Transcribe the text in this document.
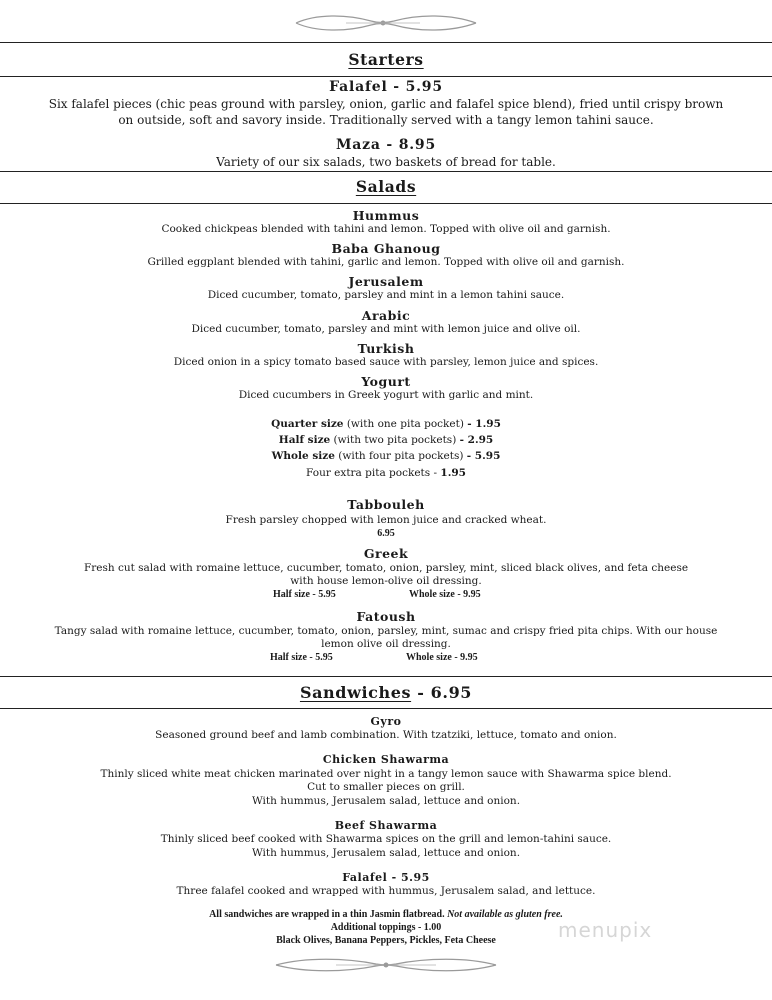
Starters
Falafel - 5.95
Six falafel pieces (chic peas ground with parsley, onion, garlic and falafel spice blend), fried until crispy brown
on outside, soft and savory inside. Traditionally served with a tangy lemon tahini sauce.
Maza - 8.95
Variety of our six salads, two baskets of bread for table.
Salads
Hummus
Cooked chickpeas blended with tahini and lemon. Topped with olive oil and garnish.
Baba Ghanoug
Grilled eggplant blended with tahini, garlic and lemon. Topped with olive oil and garnish.
Jerusalem
Diced cucumber, tomato, parsley and mint in a lemon tahini sauce.
Arabic
Diced cucumber, tomato, parsley and mint with lemon juice and olive oil.
Turkish
Diced onion in a spicy tomato based sauce with parsley, lemon juice and spices.
Yogurt
Diced cucumbers in Greek yogurt with garlic and mint.
Quarter size (with one pita pocket) - 1.95
Half size (with two pita pockets) - 2.95
Whole size (with four pita pockets) - 5.95
Four extra pita pockets - 1.95
Tabbouleh
Fresh parsley chopped with lemon juice and cracked wheat.
6.95
Greek
Fresh cut salad with romaine lettuce, cucumber, tomato, onion, parsley, mint, sliced black olives, and feta cheese
with house lemon-olive oil dressing.
Half size - 5.95	Whole size - 9.95
Fatoush
Tangy salad with romaine lettuce, cucumber, tomato, onion, parsley, mint, sumac and crispy fried pita chips. With our house
lemon olive oil dressing.
Half size - 5.95	Whole size - 9.95
Sandwiches - 6.95
Gyro
Seasoned ground beef and lamb combination. With tzatziki, lettuce, tomato and onion.
Chicken Shawarma
Thinly sliced white meat chicken marinated over night in a tangy lemon sauce with Shawarma spice blend.
Cut to smaller pieces on grill.
With hummus, Jerusalem salad, lettuce and onion.
Beef Shawarma
Thinly sliced beef cooked with Shawarma spices on the grill and lemon-tahini sauce.
With hummus, Jerusalem salad, lettuce and onion.
Falafel - 5.95
Three falafel cooked and wrapped with hummus, Jerusalem salad, and lettuce.
All sandwiches are wrapped in a thin Jasmin flatbread. Not available as gluten free.
Additional toppings - 1.00
Black Olives, Banana Peppers, Pickles, Feta Cheese	menupix
